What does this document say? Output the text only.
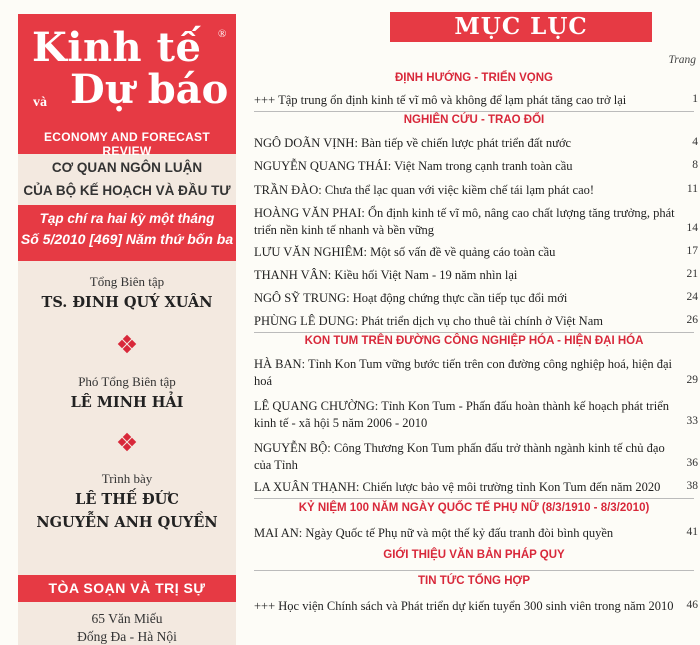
Kinh tế ®
và Dự báo
ECONOMY AND FORECAST REVIEW
CƠ QUAN NGÔN LUẬN
CỦA BỘ KẾ HOẠCH VÀ ĐẦU TƯ
Tạp chí ra hai kỳ một tháng
Số 5/2010 [469] Năm thứ bốn ba
Tổng Biên tập
TS. ĐINH QUÝ XUÂN
Phó Tổng Biên tập
LÊ MINH HẢI
Trình bày
LÊ THẾ ĐỨC
NGUYỄN ANH QUYỀN
TÒA SOẠN VÀ TRỊ SỰ
65 Văn Miếu
Đống Đa - Hà Nội
MỤC LỤC
Trang
ĐỊNH HƯỚNG - TRIỂN VỌNG
+++ Tập trung ổn định kinh tế vĩ mô và không để lạm phát tăng cao trở lại	1
NGHIÊN CỨU - TRAO ĐỔI
NGÔ DOÃN VỊNH: Bàn tiếp về chiến lược phát triển đất nước	4
NGUYỄN QUANG THÁI: Việt Nam trong cạnh tranh toàn cầu	8
TRẦN ĐÀO: Chưa thể lạc quan với việc kiềm chế tái lạm phát cao!	11
HOÀNG VĂN PHAI: Ổn định kinh tế vĩ mô, nâng cao chất lượng tăng trưởng, phát triển nền kinh tế nhanh và bền vững	14
LƯU VĂN NGHIÊM: Một số vấn đề về quảng cáo toàn cầu	17
THANH VÂN: Kiều hối Việt Nam - 19 năm nhìn lại	21
NGÔ SỸ TRUNG: Hoạt động chứng thực cần tiếp tục đổi mới	24
PHÙNG LÊ DUNG: Phát triển dịch vụ cho thuê tài chính ở Việt Nam	26
KON TUM TRÊN ĐƯỜNG CÔNG NGHIỆP HÓA - HIỆN ĐẠI HÓA
HÀ BAN: Tỉnh Kon Tum vững bước tiến trên con đường công nghiệp hoá, hiện đại hoá	29
LÊ QUANG CHƯỜNG: Tỉnh Kon Tum - Phấn đấu hoàn thành kế hoạch phát triển kinh tế - xã hội 5 năm 2006 - 2010	33
NGUYỄN BỘ: Công Thương Kon Tum phấn đấu trở thành ngành kinh tế chủ đạo của Tỉnh	36
LA XUÂN THẠNH: Chiến lược bảo vệ môi trường tỉnh Kon Tum đến năm 2020	38
KỶ NIỆM 100 NĂM NGÀY QUỐC TẾ PHỤ NỮ (8/3/1910 - 8/3/2010)
MAI AN: Ngày Quốc tế Phụ nữ và một thế kỷ đấu tranh đòi bình quyền	41
GIỚI THIỆU VĂN BẢN PHÁP QUY
TIN TỨC TỔNG HỢP
+++ Học viện Chính sách và Phát triển dự kiến tuyển 300 sinh viên trong năm 2010	46
